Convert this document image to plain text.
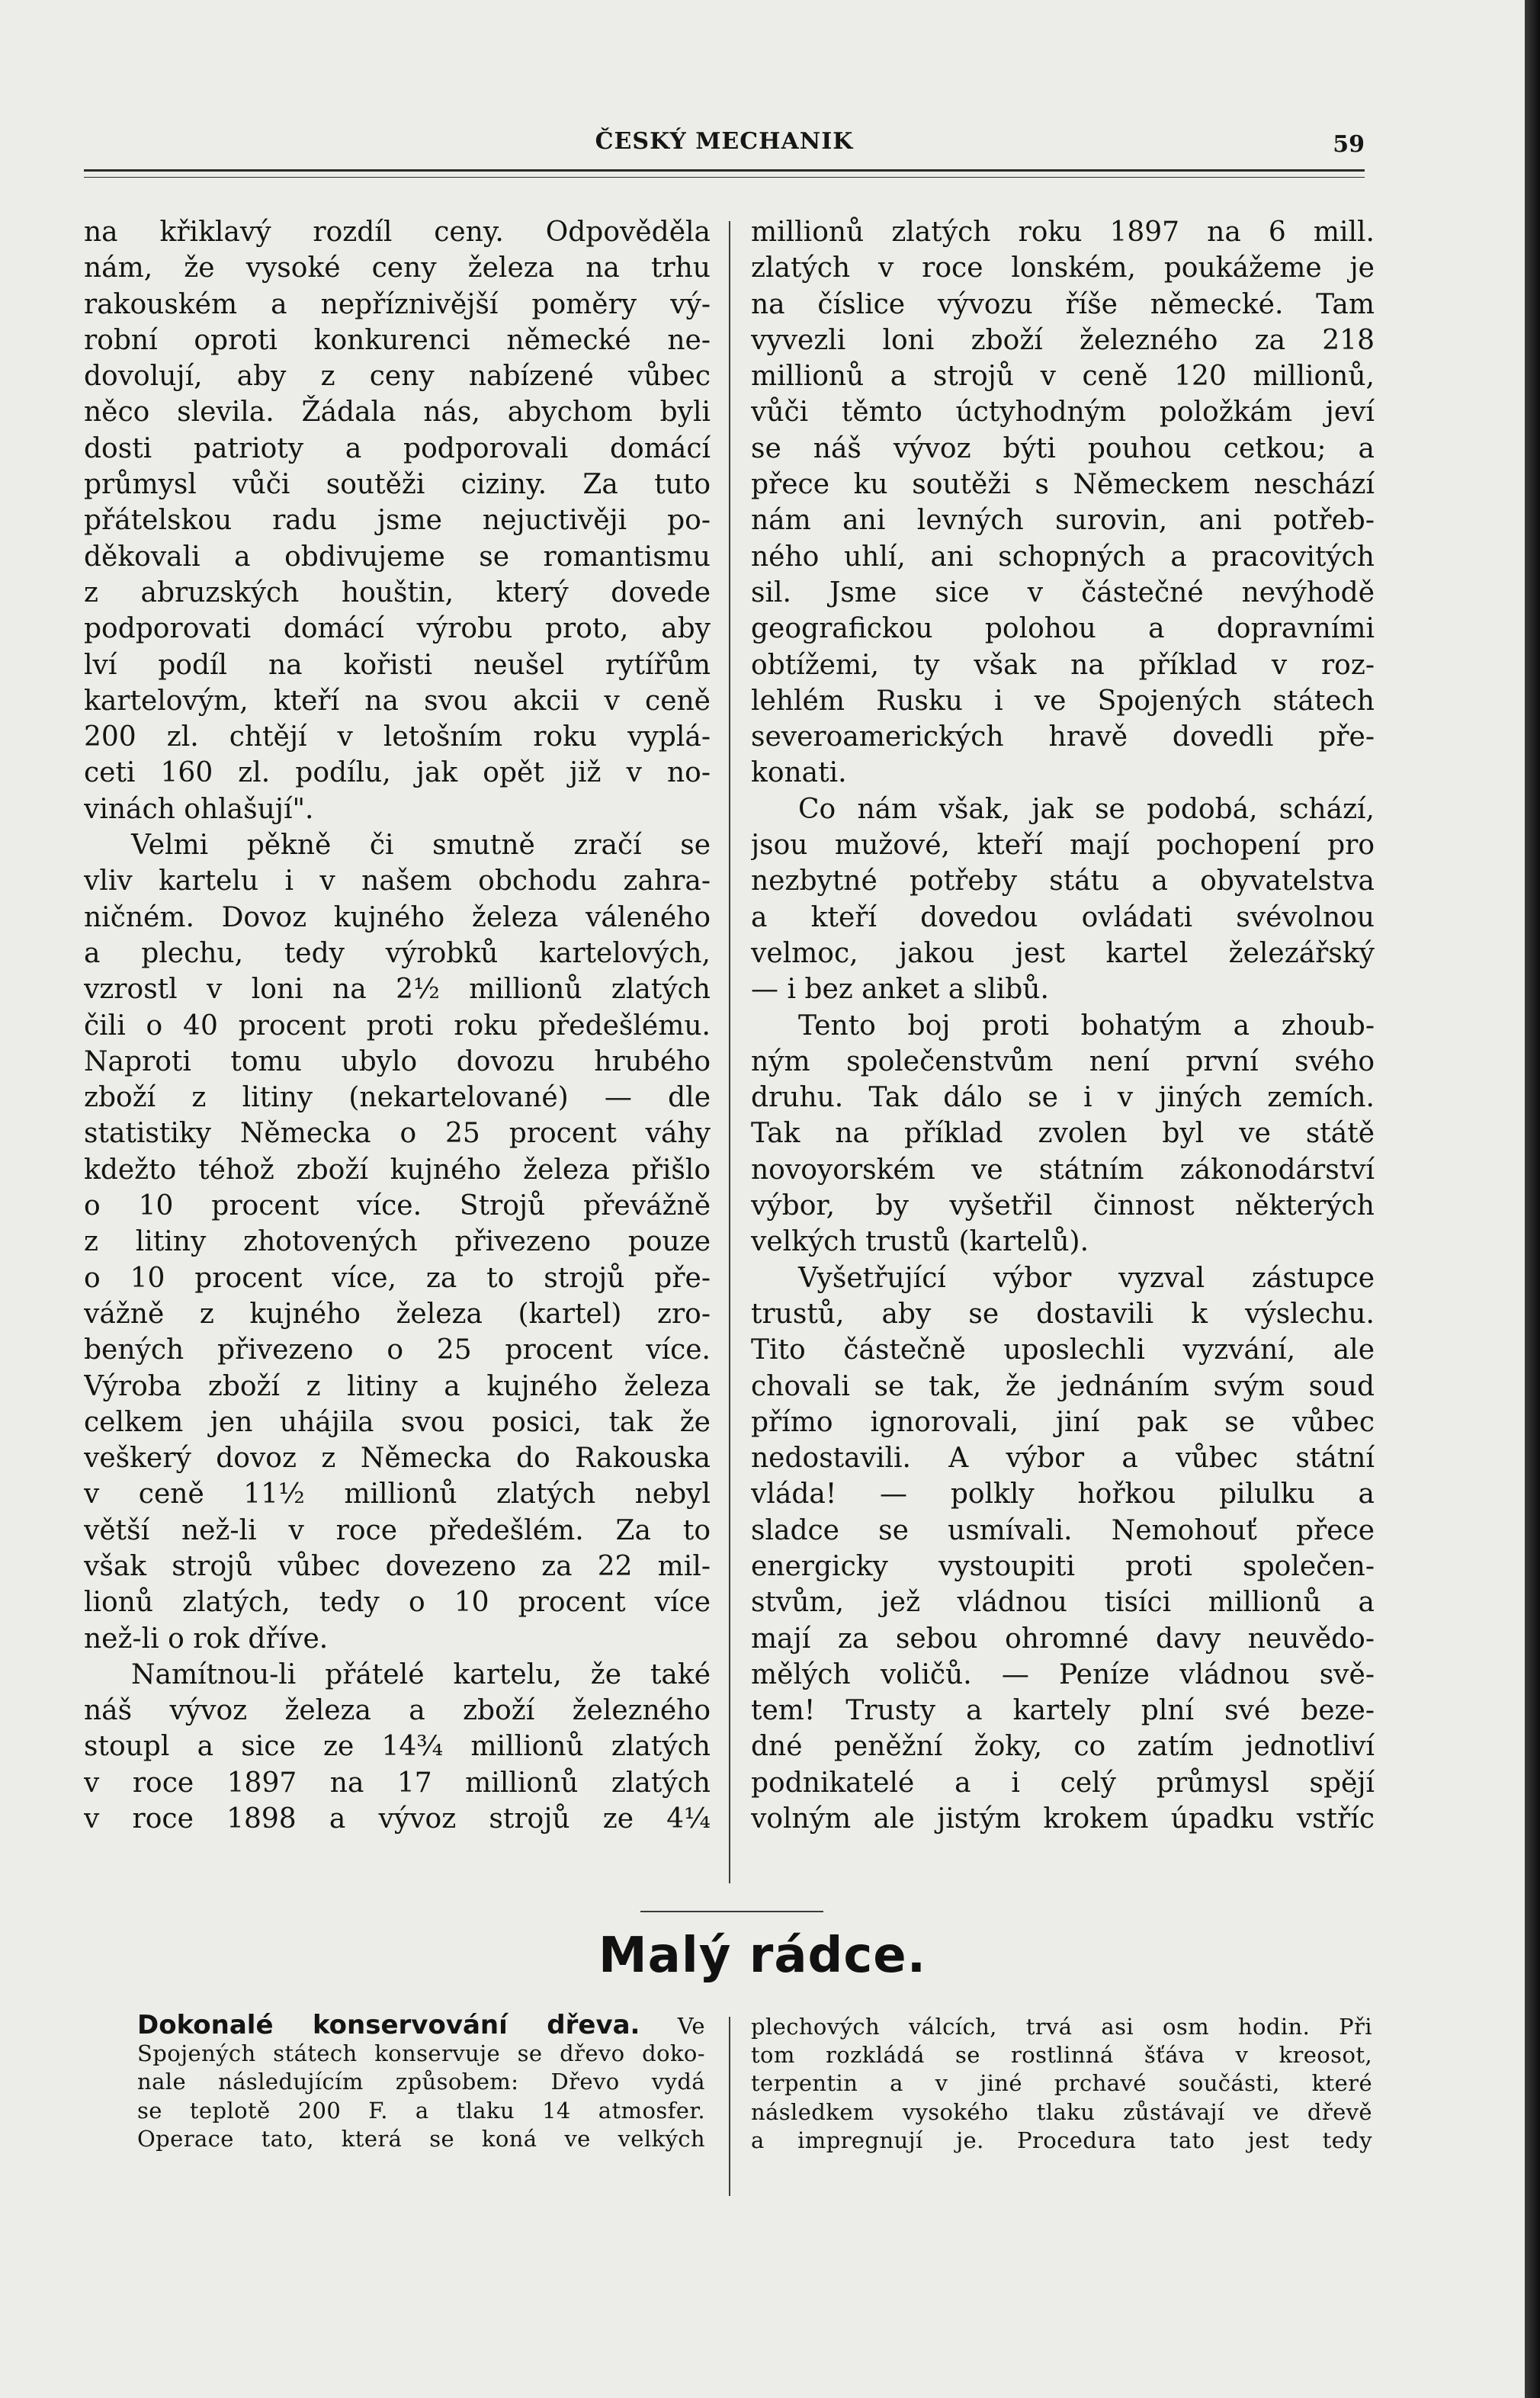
ČESKÝ MECHANIK	59
na křiklavý rozdíl ceny. Odpověděla
nám, že vysoké ceny železa na trhu
rakouském a nepříznivější poměry vý-
robní oproti konkurenci německé ne-
dovolují, aby z ceny nabízené vůbec
něco slevila. Žádala nás, abychom byli
dosti patrioty a podporovali domácí
průmysl vůči soutěži ciziny. Za tuto
přátelskou radu jsme nejuctivěji po-
děkovali a obdivujeme se romantismu
z abruzských houštin, který dovede
podporovati domácí výrobu proto, aby
lví podíl na kořisti neušel rytířům
kartelovým, kteří na svou akcii v ceně
200 zl. chtějí v letošním roku vyplá-
ceti 160 zl. podílu, jak opět již v no-
vinách ohlašují".
Velmi pěkně či smutně zračí se
vliv kartelu i v našem obchodu zahra-
ničném. Dovoz kujného železa váleného
a plechu, tedy výrobků kartelových,
vzrostl v loni na 2½ millionů zlatých
čili o 40 procent proti roku předešlému.
Naproti tomu ubylo dovozu hrubého
zboží z litiny (nekartelované) — dle
statistiky Německa o 25 procent váhy
kdežto téhož zboží kujného železa přišlo
o 10 procent více. Strojů převážně
z litiny zhotovených přivezeno pouze
o 10 procent více, za to strojů pře-
vážně z kujného železa (kartel) zro-
bených přivezeno o 25 procent více.
Výroba zboží z litiny a kujného železa
celkem jen uhájila svou posici, tak že
veškerý dovoz z Německa do Rakouska
v ceně 11½ millionů zlatých nebyl
větší než-li v roce předešlém. Za to
však strojů vůbec dovezeno za 22 mil-
lionů zlatých, tedy o 10 procent více
než-li o rok dříve.
Namítnou-li přátelé kartelu, že také
náš vývoz železa a zboží železného
stoupl a sice ze 14¾ millionů zlatých
v roce 1897 na 17 millionů zlatých
v roce 1898 a vývoz strojů ze 4¼
millionů zlatých roku 1897 na 6 mill.
zlatých v roce lonském, poukážeme je
na číslice vývozu říše německé. Tam
vyvezli loni zboží železného za 218
millionů a strojů v ceně 120 millionů,
vůči těmto úctyhodným položkám jeví
se náš vývoz býti pouhou cetkou; a
přece ku soutěži s Německem neschází
nám ani levných surovin, ani potřeb-
ného uhlí, ani schopných a pracovitých
sil. Jsme sice v částečné nevýhodě
geografickou polohou a dopravními
obtížemi, ty však na příklad v roz-
lehlém Rusku i ve Spojených státech
severoamerických hravě dovedli pře-
konati.
Co nám však, jak se podobá, schází,
jsou mužové, kteří mají pochopení pro
nezbytné potřeby státu a obyvatelstva
a kteří dovedou ovládati svévolnou
velmoc, jakou jest kartel železářský
— i bez anket a slibů.
Tento boj proti bohatým a zhoub-
ným společenstvům není první svého
druhu. Tak dálo se i v jiných zemích.
Tak na příklad zvolen byl ve státě
novoyorském ve státním zákonodárství
výbor, by vyšetřil činnost některých
velkých trustů (kartelů).
Vyšetřující výbor vyzval zástupce
trustů, aby se dostavili k výslechu.
Tito částečně uposlechli vyzvání, ale
chovali se tak, že jednáním svým soud
přímo ignorovali, jiní pak se vůbec
nedostavili. A výbor a vůbec státní
vláda! — polkly hořkou pilulku a
sladce se usmívali. Nemohouť přece
energicky vystoupiti proti společen-
stvům, jež vládnou tisíci millionů a
mají za sebou ohromné davy neuvědo-
mělých voličů. — Peníze vládnou svě-
tem! Trusty a kartely plní své beze-
dné peněžní žoky, co zatím jednotliví
podnikatelé a i celý průmysl spějí
volným ale jistým krokem úpadku vstříc
Malý rádce.
Dokonalé konservování dřeva. Ve
Spojených státech konservuje se dřevo doko-
nale následujícím způsobem: Dřevo vydá
se teplotě 200 F. a tlaku 14 atmosfer.
Operace tato, která se koná ve velkých
plechových válcích, trvá asi osm hodin. Při
tom rozkládá se rostlinná šťáva v kreosot,
terpentin a v jiné prchavé součásti, které
následkem vysokého tlaku zůstávají ve dřevě
a impregnují je. Procedura tato jest tedy
